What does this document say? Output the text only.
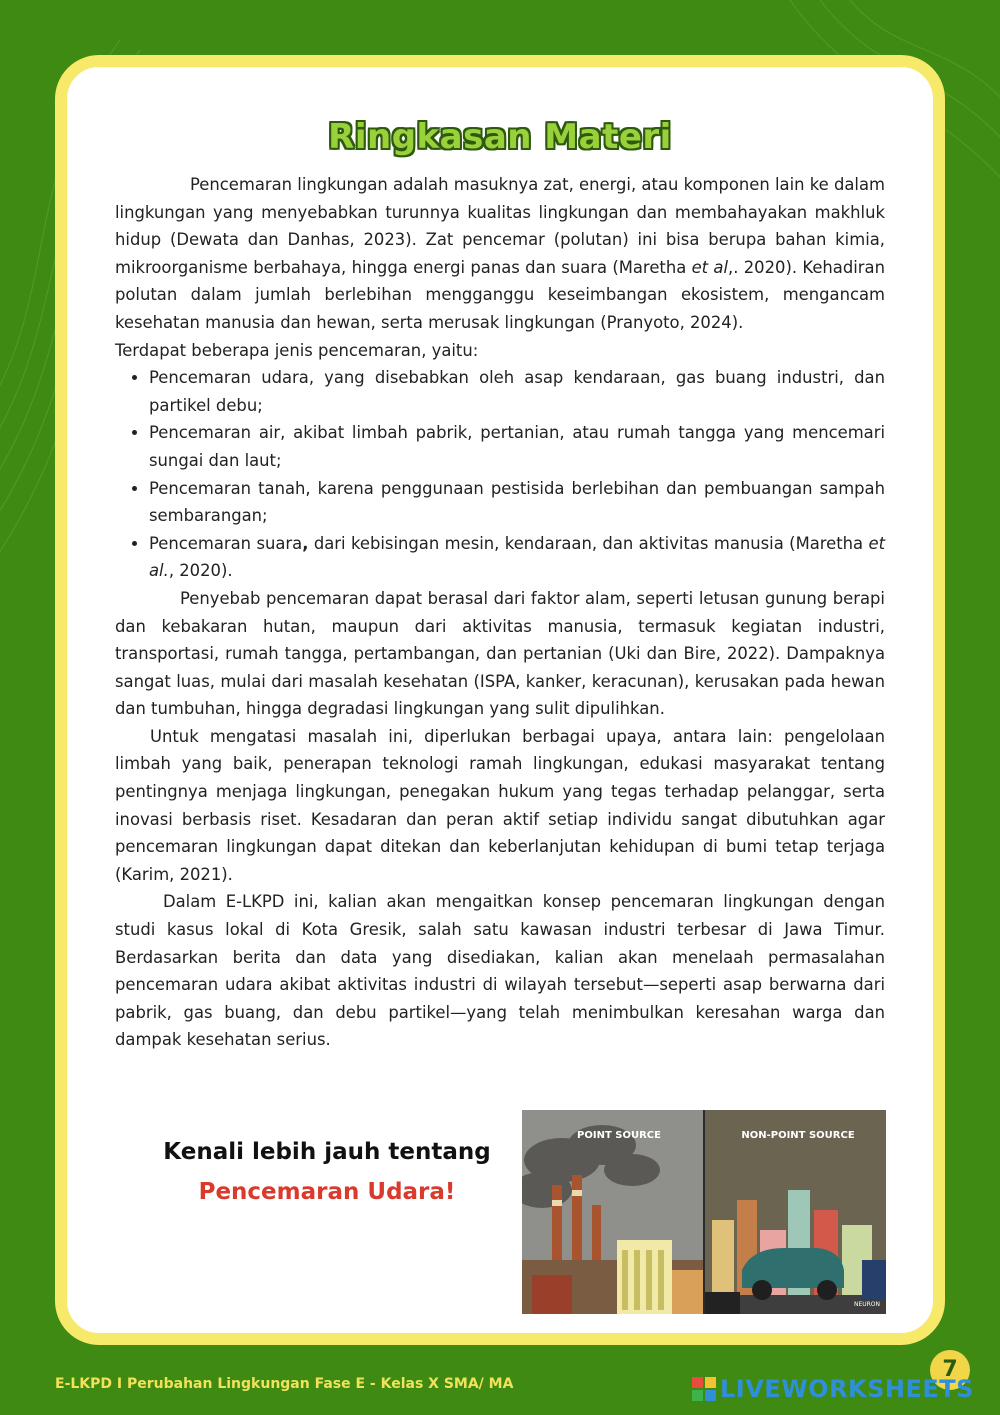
Ringkasan Materi

Pencemaran lingkungan adalah masuknya zat, energi, atau komponen lain ke dalam lingkungan yang menyebabkan turunnya kualitas lingkungan dan membahayakan makhluk hidup (Dewata dan Danhas, 2023). Zat pencemar (polutan) ini bisa berupa bahan kimia, mikroorganisme berbahaya, hingga energi panas dan suara (Maretha et al,. 2020). Kehadiran polutan dalam jumlah berlebihan mengganggu keseimbangan ekosistem, mengancam kesehatan manusia dan hewan, serta merusak lingkungan (Pranyoto, 2024).

Terdapat beberapa jenis pencemaran, yaitu:

• Pencemaran udara, yang disebabkan oleh asap kendaraan, gas buang industri, dan partikel debu;
• Pencemaran air, akibat limbah pabrik, pertanian, atau rumah tangga yang mencemari sungai dan laut;
• Pencemaran tanah, karena penggunaan pestisida berlebihan dan pembuangan sampah sembarangan;
• Pencemaran suara, dari kebisingan mesin, kendaraan, dan aktivitas manusia (Maretha et al., 2020).

Penyebab pencemaran dapat berasal dari faktor alam, seperti letusan gunung berapi dan kebakaran hutan, maupun dari aktivitas manusia, termasuk kegiatan industri, transportasi, rumah tangga, pertambangan, dan pertanian (Uki dan Bire, 2022). Dampaknya sangat luas, mulai dari masalah kesehatan (ISPA, kanker, keracunan), kerusakan pada hewan dan tumbuhan, hingga degradasi lingkungan yang sulit dipulihkan.

Untuk mengatasi masalah ini, diperlukan berbagai upaya, antara lain: pengelolaan limbah yang baik, penerapan teknologi ramah lingkungan, edukasi masyarakat tentang pentingnya menjaga lingkungan, penegakan hukum yang tegas terhadap pelanggar, serta inovasi berbasis riset. Kesadaran dan peran aktif setiap individu sangat dibutuhkan agar pencemaran lingkungan dapat ditekan dan keberlanjutan kehidupan di bumi tetap terjaga (Karim, 2021).

Dalam E-LKPD ini, kalian akan mengaitkan konsep pencemaran lingkungan dengan studi kasus lokal di Kota Gresik, salah satu kawasan industri terbesar di Jawa Timur. Berdasarkan berita dan data yang disediakan, kalian akan menelaah permasalahan pencemaran udara akibat aktivitas industri di wilayah tersebut—seperti asap berwarna dari pabrik, gas buang, dan debu partikel—yang telah menimbulkan keresahan warga dan dampak kesehatan serius.

Kenali lebih jauh tentang
Pencemaran Udara!
POINT SOURCE	NON-POINT SOURCE
NEURON
E-LKPD I Perubahan Lingkungan Fase E - Kelas X SMA/ MA
7
LIVEWORKSHEETS
